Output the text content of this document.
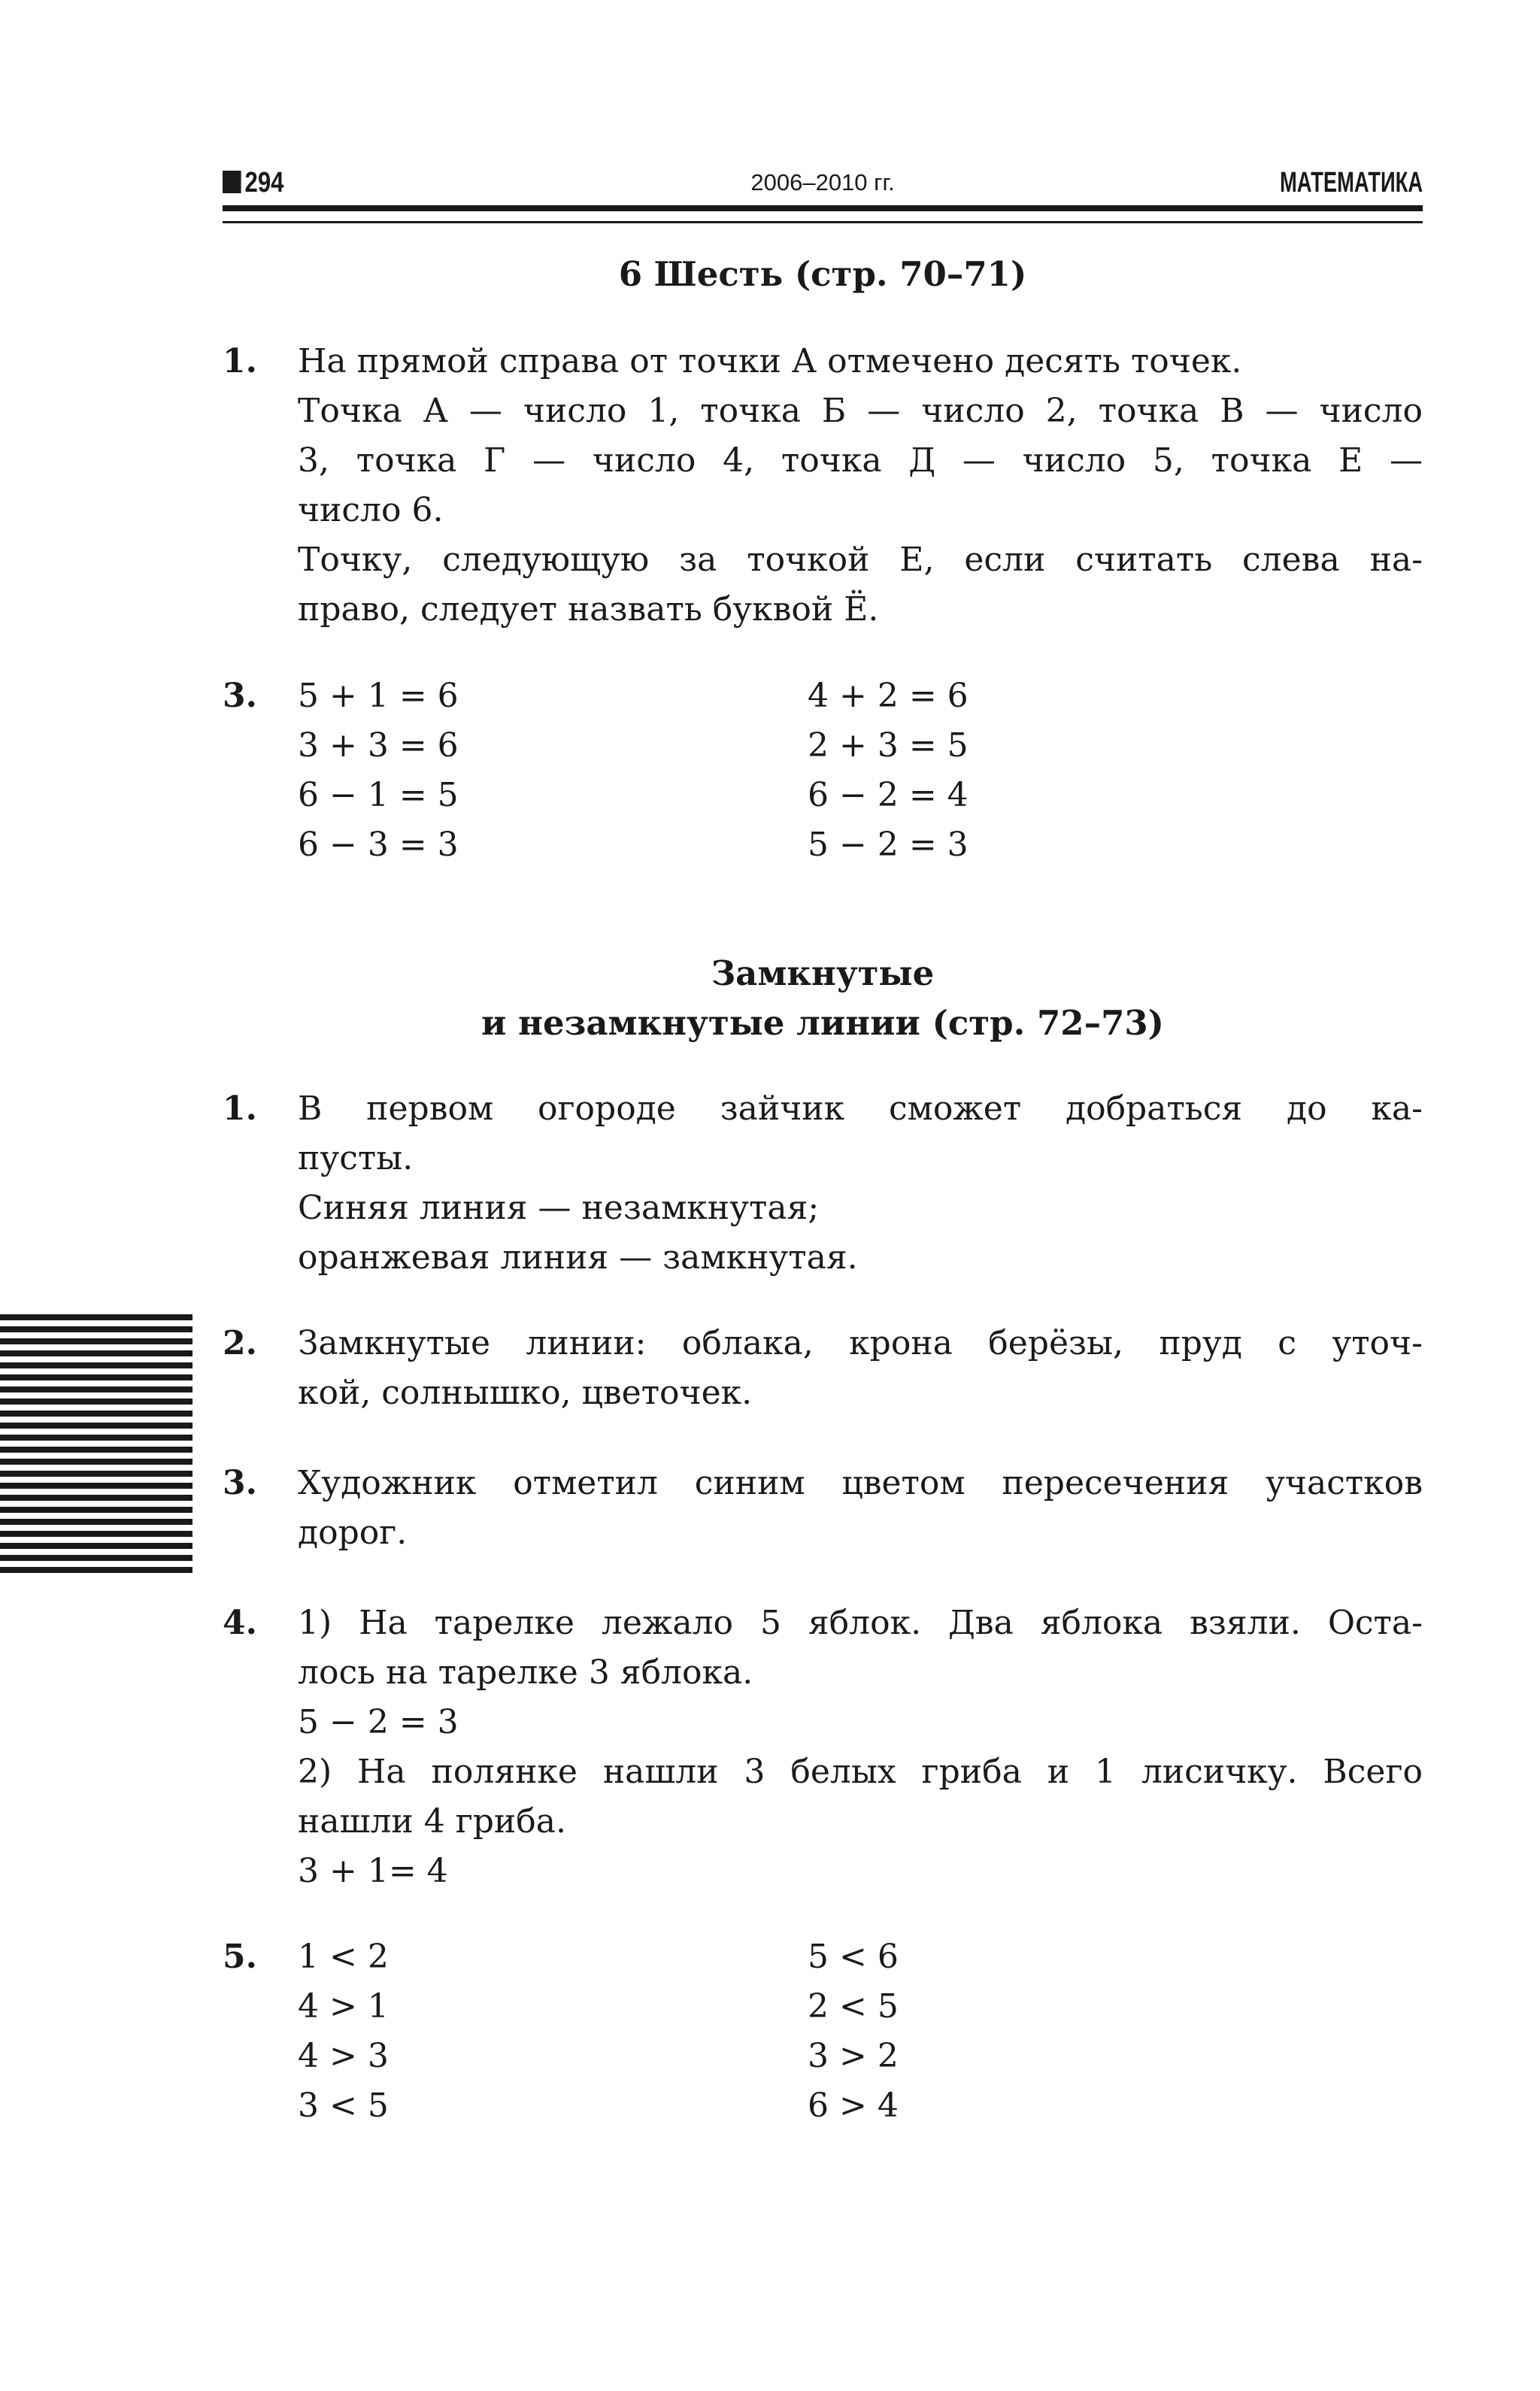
294	2006–2010 гг.	МАТЕМАТИКА
6 Шесть (стр. 70–71)
1. На прямой справа от точки А отмечено десять точек.

Точка А — число 1, точка Б — число 2, точка В — число

3, точка Г — число 4, точка Д — число 5, точка Е —

число 6.

Точку, следующую за точкой Е, если считать слева на-

право, следует назвать буквой Ё.

3. 5 + 1 = 6	4 + 2 = 6
3 + 3 = 6	2 + 3 = 5
6 − 1 = 5	6 − 2 = 4
6 − 3 = 3	5 − 2 = 3
Замкнутые
и незамкнутые линии (стр. 72–73)
1. В первом огороде зайчик сможет добраться до ка-

пусты.

Синяя линия — незамкнутая;

оранжевая линия — замкнутая.

2. Замкнутые линии: облака, крона берёзы, пруд с уточ-

кой, солнышко, цветочек.

3. Художник отметил синим цветом пересечения участков

дорог.

4. 1) На тарелке лежало 5 яблок. Два яблока взяли. Оста-

лось на тарелке 3 яблока.

5 − 2 = 3

2) На полянке нашли 3 белых гриба и 1 лисичку. Всего

нашли 4 гриба.

3 + 1= 4

5. 1 < 2	5 < 6
4 > 1	2 < 5
4 > 3	3 > 2
3 < 5	6 > 4
